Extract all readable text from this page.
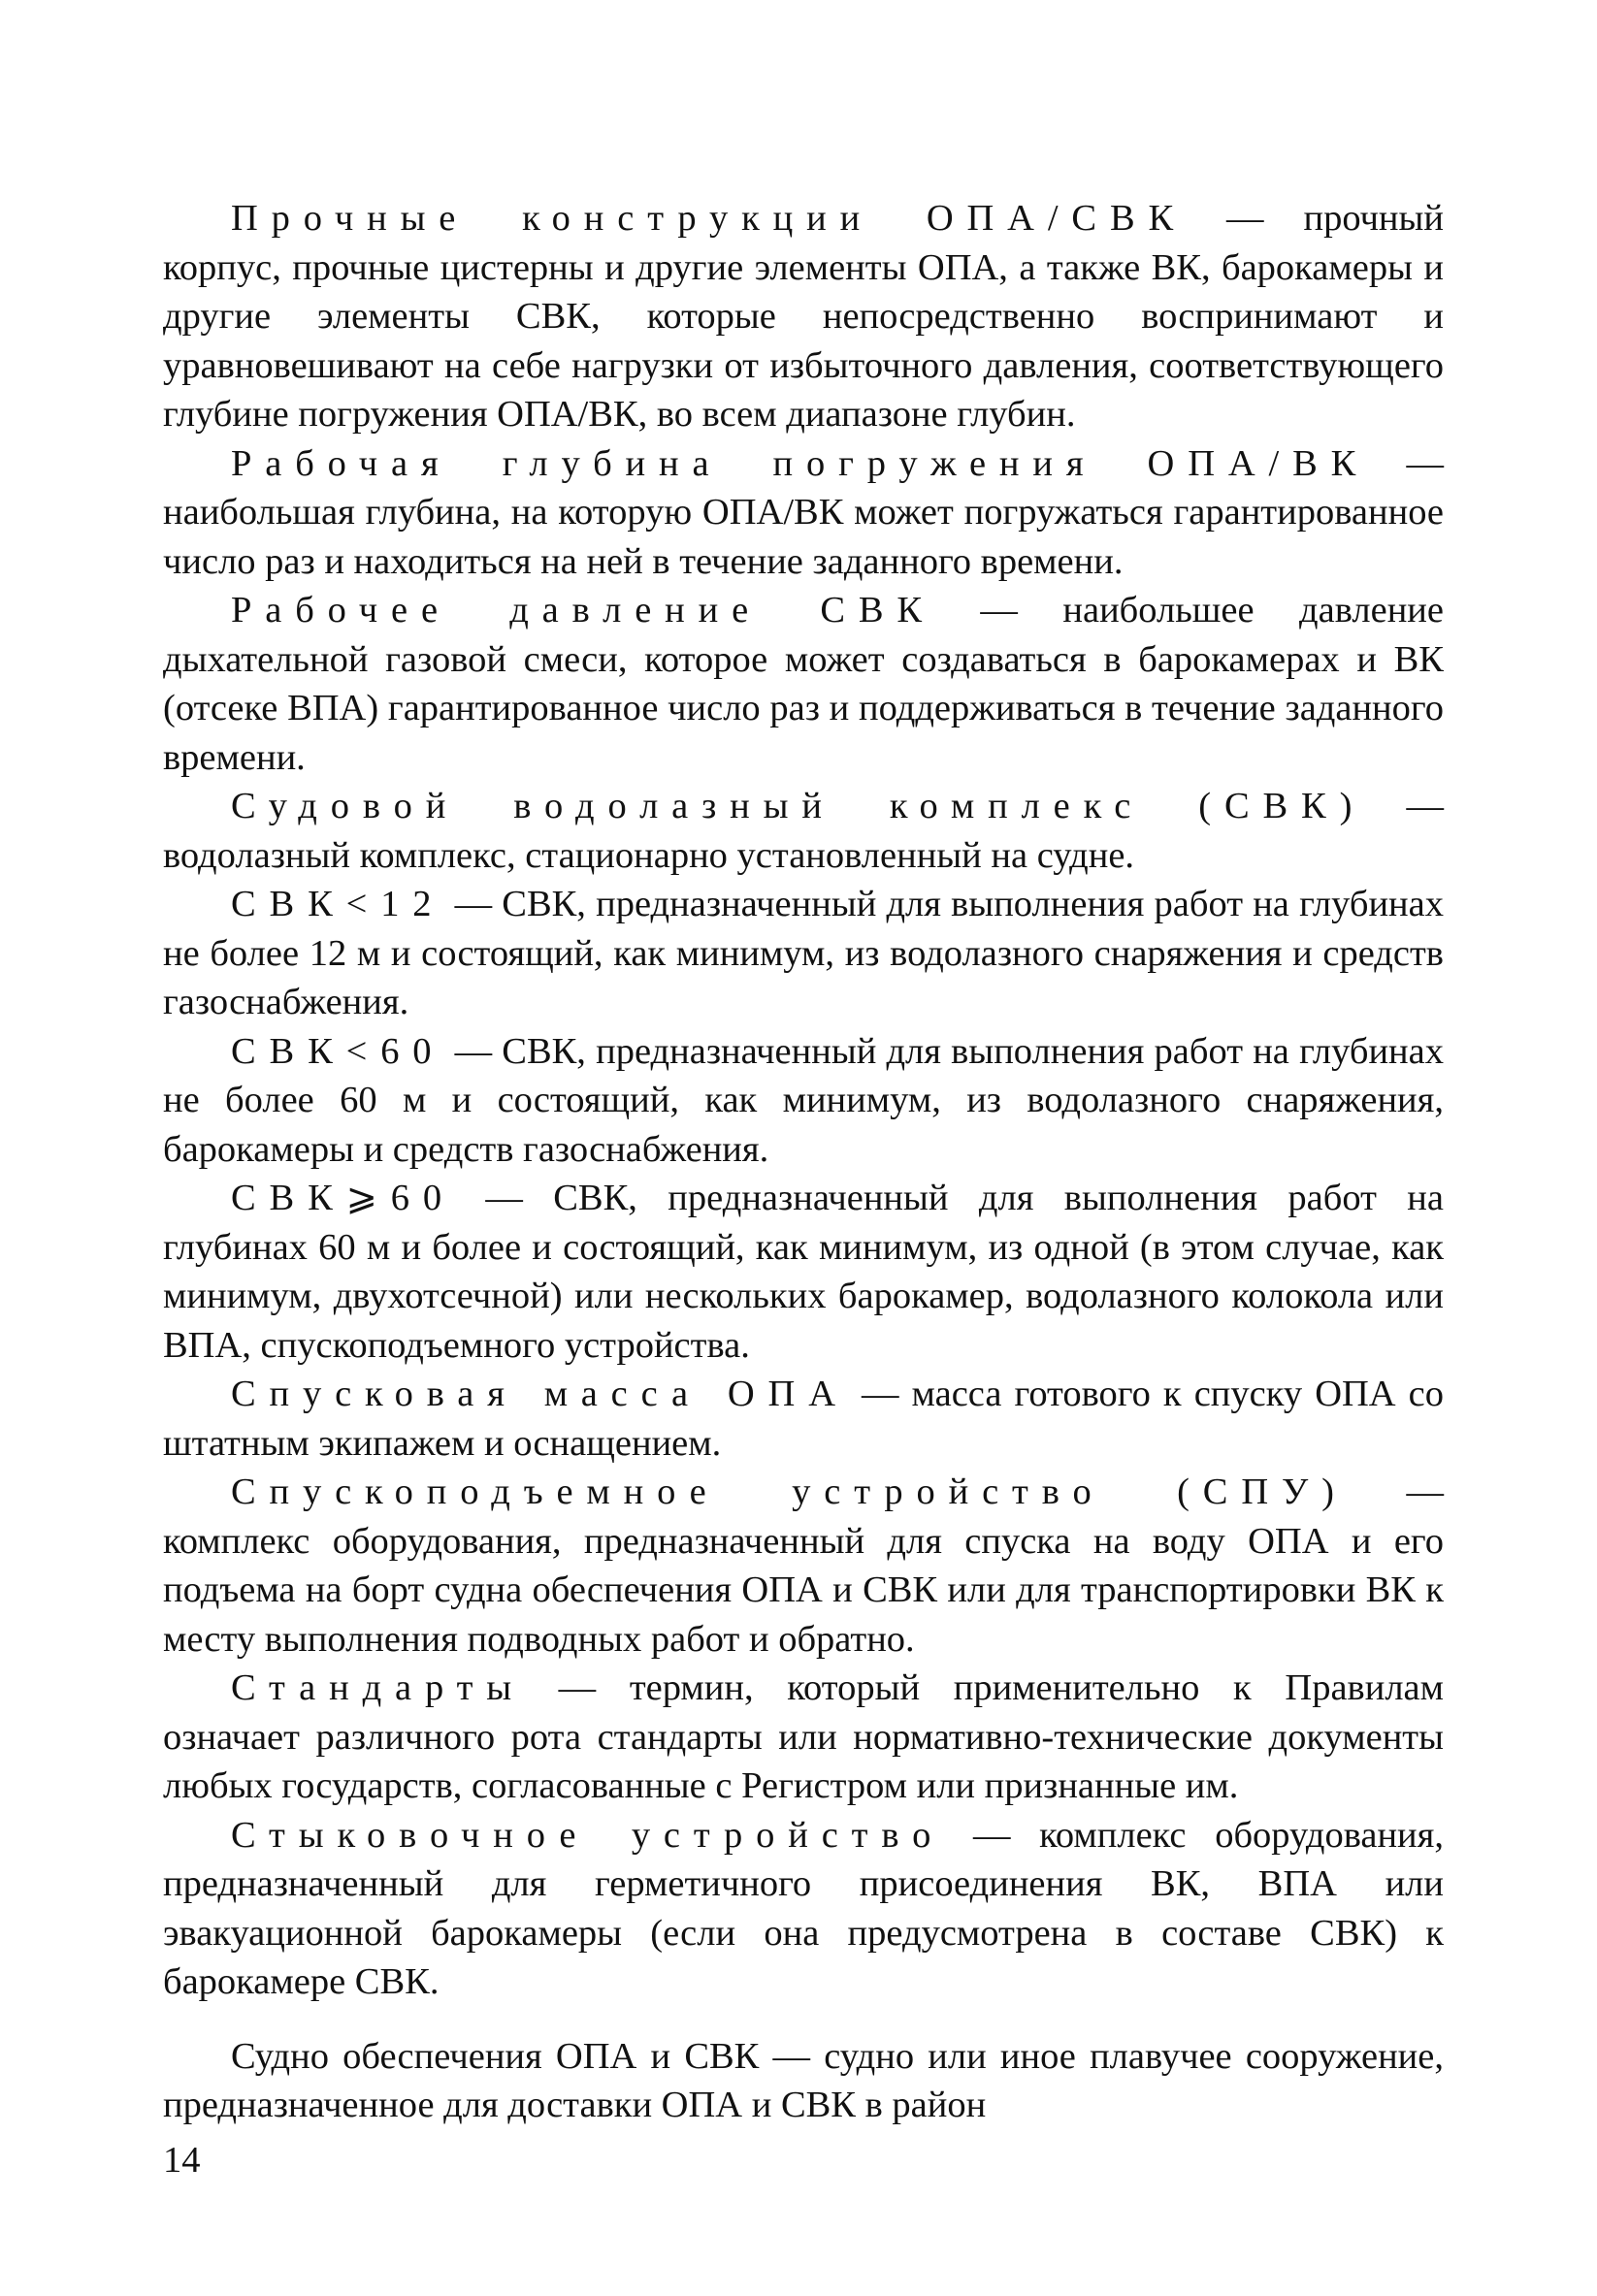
Прочные конструкции ОПА/СВК — прочный корпус, прочные цистерны и другие элементы ОПА, а также ВК, барокамеры и другие элементы СВК, которые непосредственно воспринимают и уравновешивают на себе нагрузки от избыточного давления, соответствующего глубине погружения ОПА/ВК, во всем диапазоне глубин.

Рабочая глубина погружения ОПА/ВК — наибольшая глубина, на которую ОПА/ВК может погружаться гарантированное число раз и находиться на ней в течение заданного времени.

Рабочее давление СВК — наибольшее давление дыхательной газовой смеси, которое может создаваться в барокамерах и ВК (отсеке ВПА) гарантированное число раз и поддерживаться в течение заданного времени.

Судовой водолазный комплекс (СВК) — водолазный комплекс, стационарно установленный на судне.

СВК<12 — СВК, предназначенный для выполнения работ на глубинах не более 12 м и состоящий, как минимум, из водолазного снаряжения и средств газоснабжения.

СВК<60 — СВК, предназначенный для выполнения работ на глубинах не более 60 м и состоящий, как минимум, из водолазного снаряжения, барокамеры и средств газоснабжения.

СВК⩾60 — СВК, предназначенный для выполнения работ на глубинах 60 м и более и состоящий, как минимум, из одной (в этом случае, как минимум, двухотсечной) или нескольких барокамер, водолазного колокола или ВПА, спускоподъемного устройства.

Спусковая масса ОПА — масса готового к спуску ОПА со штатным экипажем и оснащением.

Спускоподъемное устройство (СПУ) — комплекс оборудования, предназначенный для спуска на воду ОПА и его подъема на борт судна обеспечения ОПА и СВК или для транспортировки ВК к месту выполнения подводных работ и обратно.

Стандарты — термин, который применительно к Правилам означает различного рота стандарты или нормативно-технические документы любых государств, согласованные с Регистром или признанные им.

Стыковочное устройство — комплекс оборудования, предназначенный для герметичного присоединения ВК, ВПА или эвакуационной барокамеры (если она предусмотрена в составе СВК) к барокамере СВК.

Судно обеспечения ОПА и СВК — судно или иное плавучее сооружение, предназначенное для доставки ОПА и СВК в район

14
